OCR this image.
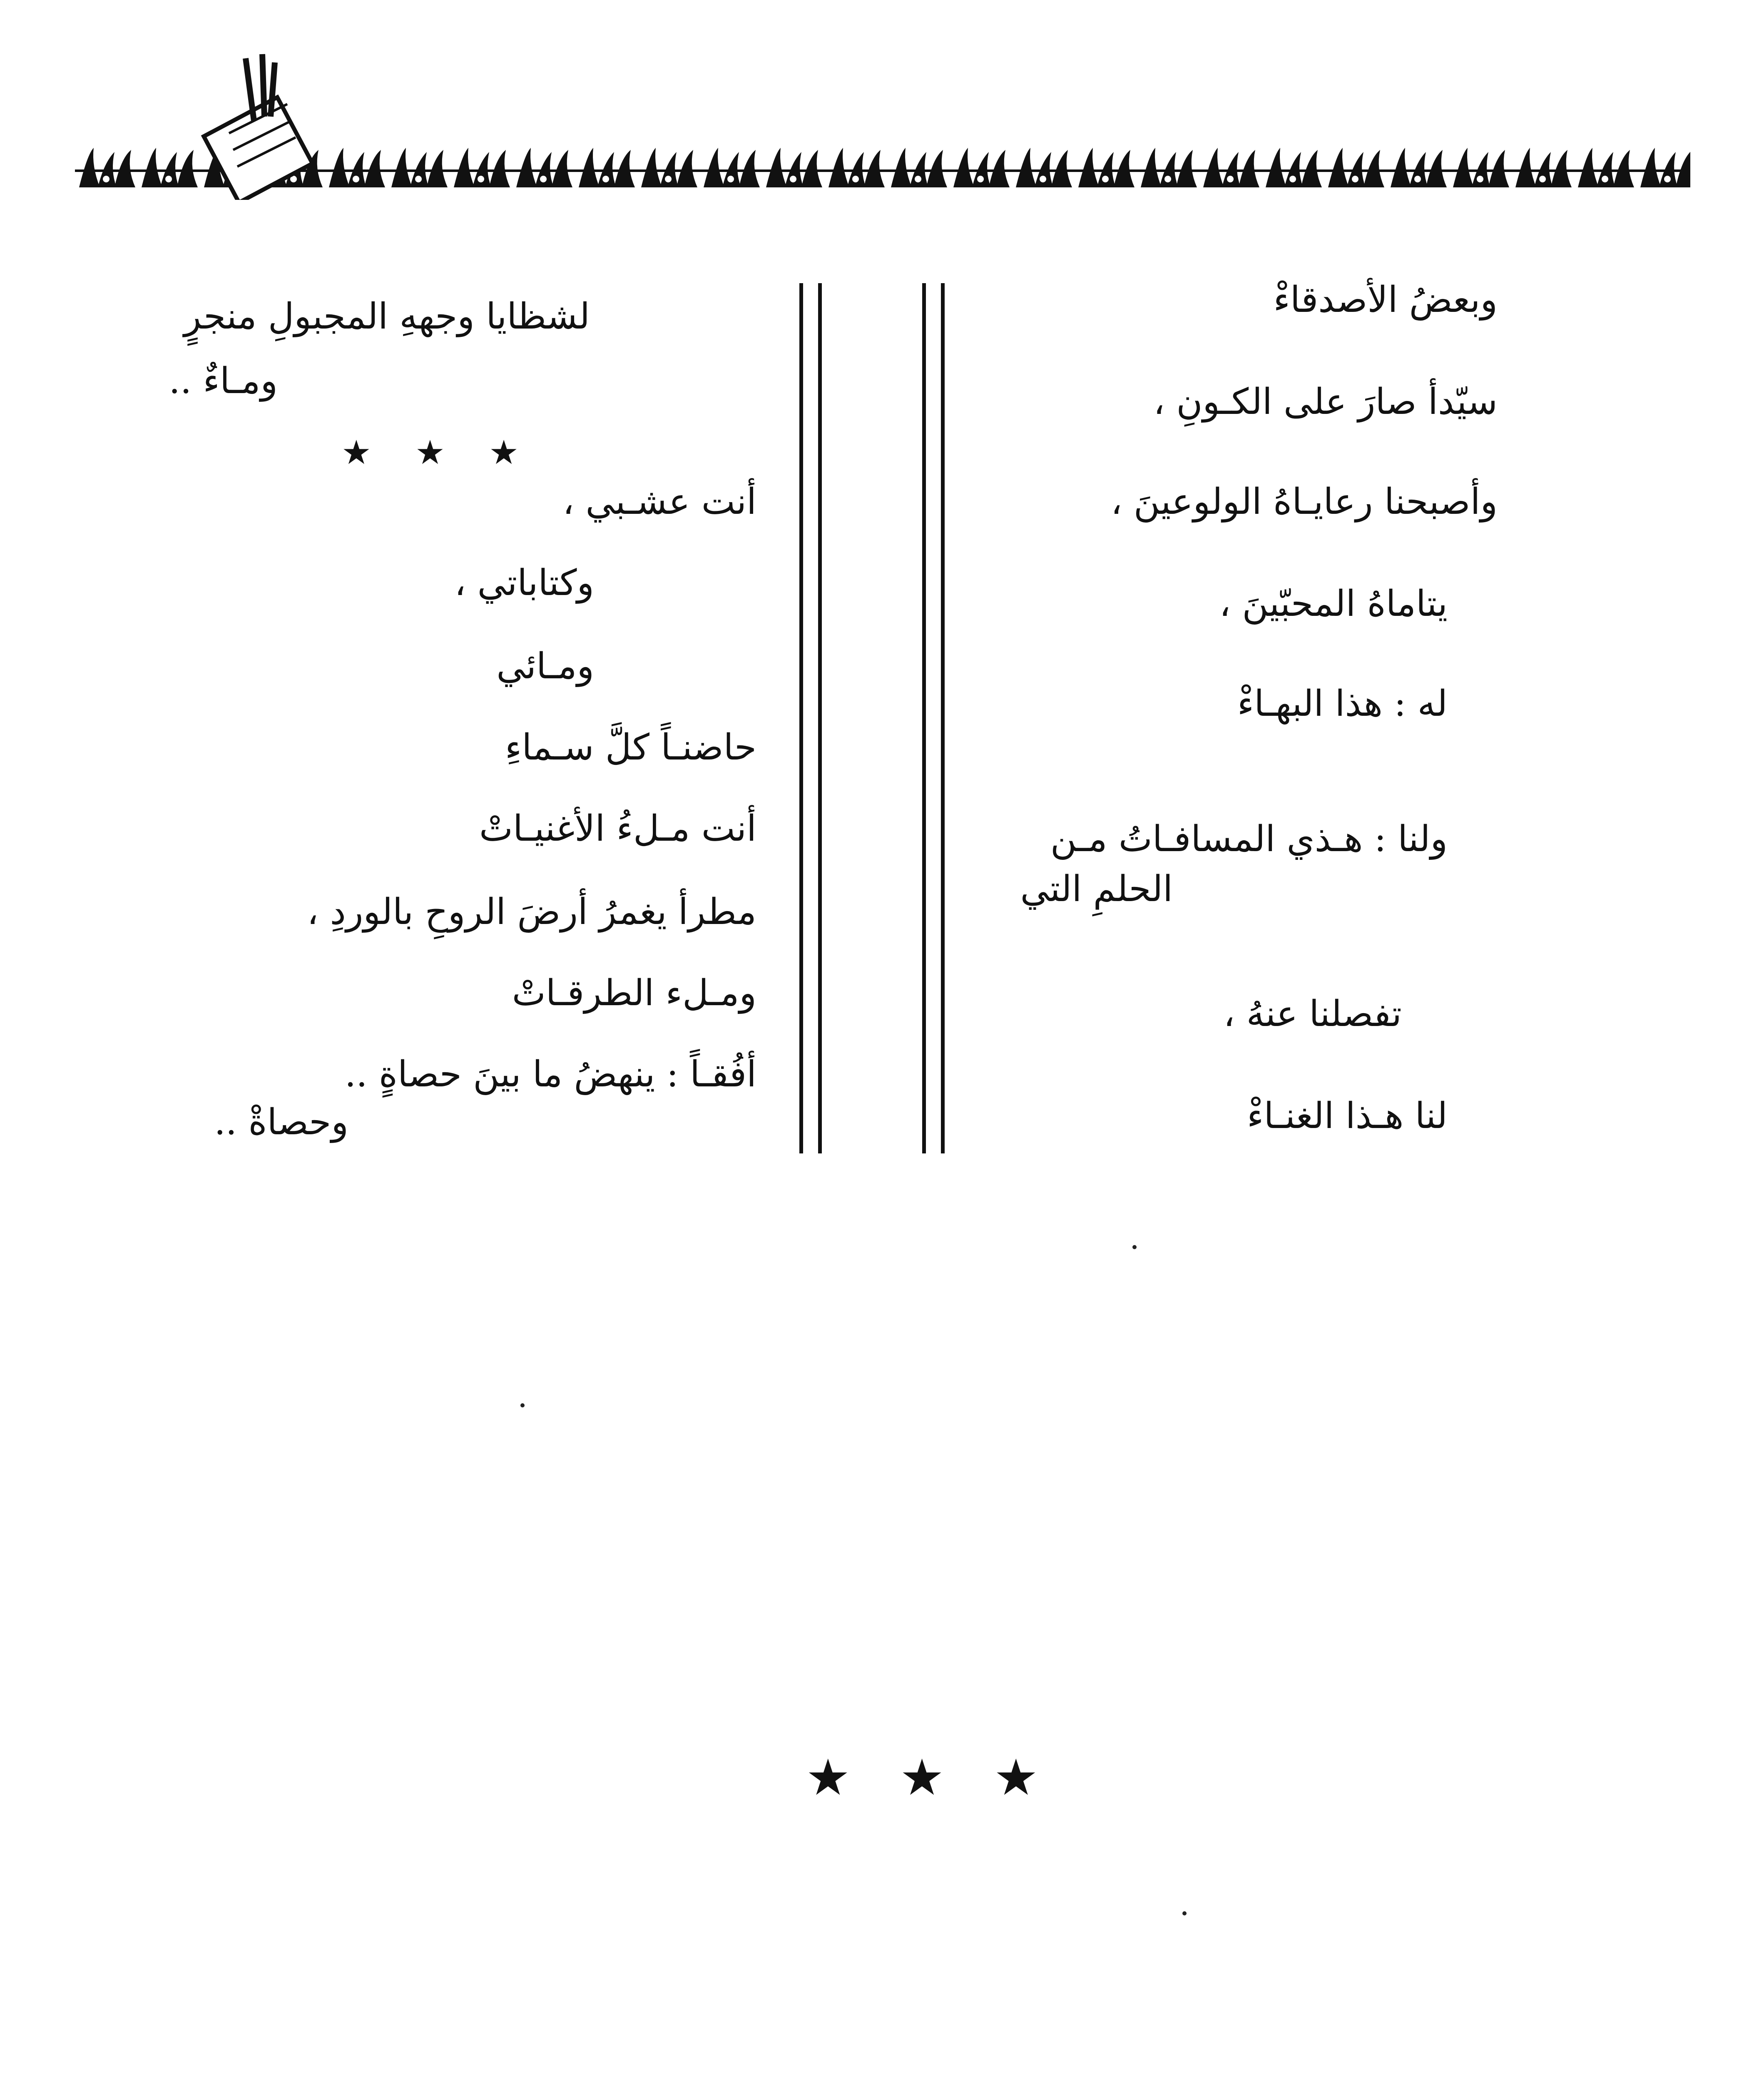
وبعضُ الأصدقاءْ
سيّدأ صارَ على الكـونِ ،
وأصبحنا رعايـاهُ الولوعينَ ،
يتاماهُ المحبّينَ ،
له : هذا البهـاءْ
ولنا : هـذي المسافـاتُ مـن
الحلمِ التي
تفصلنا عنهُ ،
لنا هـذا الغنـاءْ
لشظايا وجههِ المجبولِ منجرٍ
ومـاءٌ ..
★ ★ ★
أنت عشـبي ،
وكتاباتي ،
ومـائي
حاضنـاً كلَّ سـماءِ
أنت مـلءُ الأغنيـاتْ
مطرأ يغمرُ أرضَ الروحِ بالوردِ ،
ومـلء الطرقـاتْ
أفُقـاً : ينهضُ ما بينَ حصاةٍ ..
وحصاةْ ..
★ ★ ★
